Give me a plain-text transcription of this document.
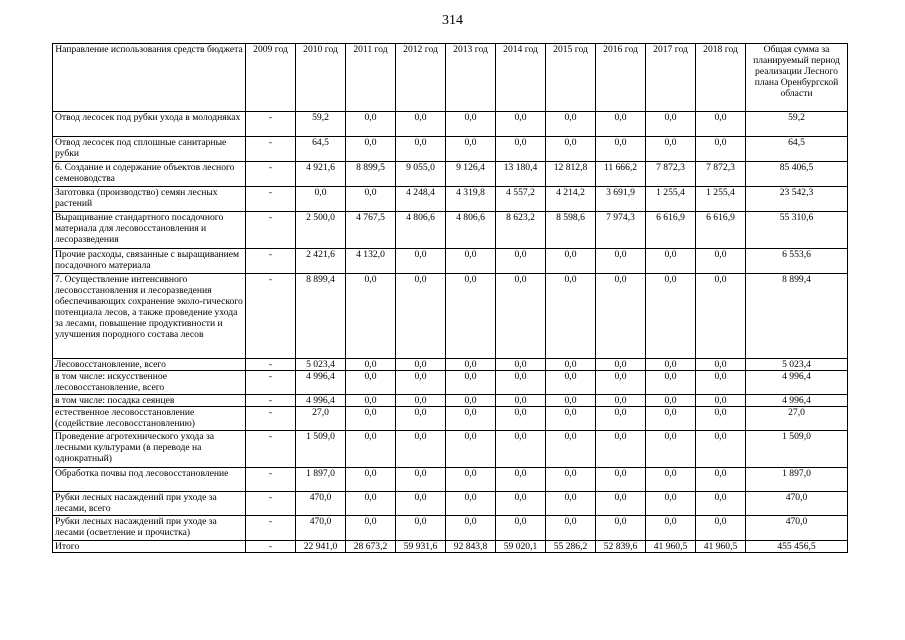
314
Направление использования средств бюджета	2009 год	2010 год	2011 год	2012 год	2013 год	2014 год	2015 год	2016 год	2017 год	2018 год	Общая сумма за планируемый период реализации Лесного плана Оренбургской области
Отвод лесосек под рубки ухода в молодняках	-	59,2	0,0	0,0	0,0	0,0	0,0	0,0	0,0	0,0	59,2
Отвод лесосек под сплошные санитарные рубки	-	64,5	0,0	0,0	0,0	0,0	0,0	0,0	0,0	0,0	64,5
6. Создание и содержание объектов лесного семеноводства	-	4 921,6	8 899,5	9 055,0	9 126,4	13 180,4	12 812,8	11 666,2	7 872,3	7 872,3	85 406,5
Заготовка (производство) семян лесных растений	-	0,0	0,0	4 248,4	4 319,8	4 557,2	4 214,2	3 691,9	1 255,4	1 255,4	23 542,3
Выращивание стандартного посадочного материала для лесовосстановления и лесоразведения	-	2 500,0	4 767,5	4 806,6	4 806,6	8 623,2	8 598,6	7 974,3	6 616,9	6 616,9	55 310,6
Прочие расходы, связанные с выращиванием посадочного материала	-	2 421,6	4 132,0	0,0	0,0	0,0	0,0	0,0	0,0	0,0	6 553,6
7. Осуществление интенсивного лесовосстановления и лесоразведения обеспечивающих сохранение эколо-гического потенциала лесов, а также проведение ухода за лесами, повышение продуктивности и улучшения породного состава лесов	-	8 899,4	0,0	0,0	0,0	0,0	0,0	0,0	0,0	0,0	8 899,4
Лесовосстановление, всего	-	5 023,4	0,0	0,0	0,0	0,0	0,0	0,0	0,0	0,0	5 023,4
в том числе: искусственное лесовосстановление, всего	-	4 996,4	0,0	0,0	0,0	0,0	0,0	0,0	0,0	0,0	4 996,4
в том числе: посадка сеянцев	-	4 996,4	0,0	0,0	0,0	0,0	0,0	0,0	0,0	0,0	4 996,4
естественное лесовосстановление (содействие лесовосстановлению)	-	27,0	0,0	0,0	0,0	0,0	0,0	0,0	0,0	0,0	27,0
Проведение агротехнического ухода за лесными культурами (в переводе на однократный)	-	1 509,0	0,0	0,0	0,0	0,0	0,0	0,0	0,0	0,0	1 509,0
Обработка почвы под лесовосстановление	-	1 897,0	0,0	0,0	0,0	0,0	0,0	0,0	0,0	0,0	1 897,0
Рубки лесных насаждений при уходе за лесами, всего	-	470,0	0,0	0,0	0,0	0,0	0,0	0,0	0,0	0,0	470,0
Рубки лесных насаждений при уходе за лесами (осветление и прочистка)	-	470,0	0,0	0,0	0,0	0,0	0,0	0,0	0,0	0,0	470,0
Итого	-	22 941,0	28 673,2	59 931,6	92 843,8	59 020,1	55 286,2	52 839,6	41 960,5	41 960,5	455 456,5
